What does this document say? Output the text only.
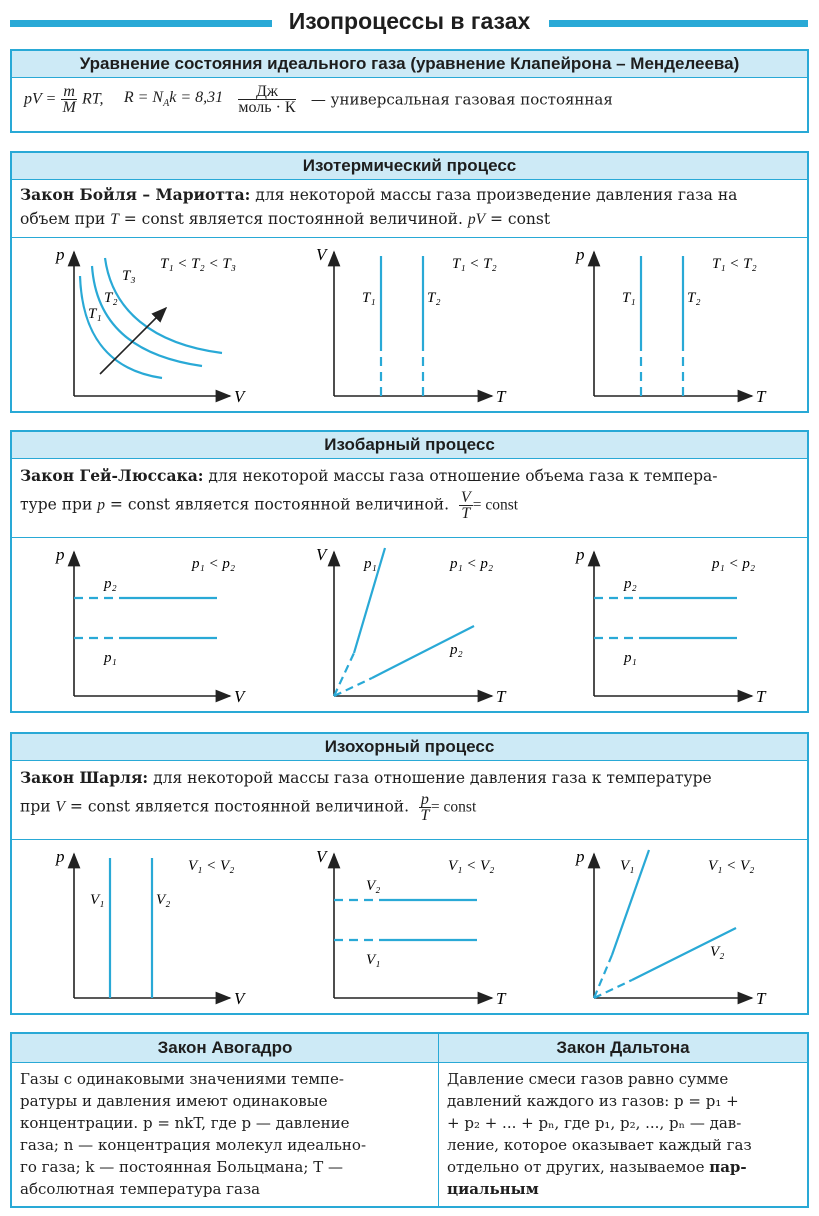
Изопроцессы в газах
Уравнение состояния идеального газа (уравнение Клапейрона – Менделеева)
pV = $\frac{m}{M}$ RT, $R = N_Ak = 8,31 \frac{Дж}{\text{моль · К}}$ — универсальная газовая постоянная
Изотермический процесс
Закон Бойля – Мариотта: для некоторой массы газа произведение давления газа на
объем при T = const является постоянной величиной. pV = const
p
V
T₁
T₂
T₃
T₁ < T₂ < T₃	V
T
T₁	T₂
T₁ < T₂	p
T
T₁	T₂
T₁ < T₂
Изобарный процесс
Закон Гей-Люссака: для некоторой массы газа отношение объема газа к темпера-
туре при p = const является постоянной величиной. $\frac{V}{T}$ = const
p
V
p₂
p₁
p₁ < p₂	V
T
p₁
p₂
p₁ < p₂	p
T
p₂
p₁
p₁ < p₂
Изохорный процесс
Закон Шарля: для некоторой массы газа отношение давления газа к температуре
при V = const является постоянной величиной. $\frac{p}{T}$ = const
p
V
V₁	V₂
V₁ < V₂	V
T
V₂
V₁
V₁ < V₂	p
T
V₁
V₂
V₁ < V₂
Закон Авогадро
Газы с одинаковыми значениями темпе-
ратуры и давления имеют одинаковые
концентрации. p = nkT, где p — давление
газа; n — концентрация молекул идеально-
го газа; k — постоянная Больцмана; T —
абсолютная температура газа
Закон Дальтона
Давление смеси газов равно сумме
давлений каждого из газов: p = p₁ +
+ p₂ + ... + pₙ, где p₁, p₂, ..., pₙ — дав-
ление, которое оказывает каждый газ
отдельно от других, называемое пар-
циальным
